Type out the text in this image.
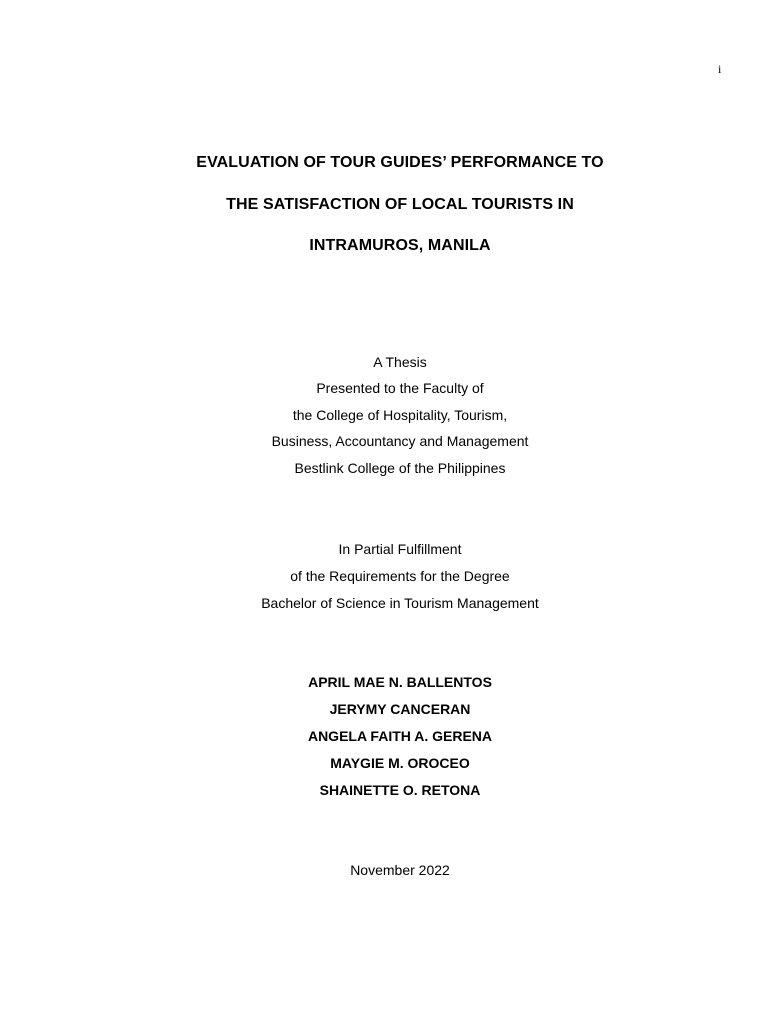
i
EVALUATION OF TOUR GUIDES’ PERFORMANCE TO
THE SATISFACTION OF LOCAL TOURISTS IN
INTRAMUROS, MANILA
A Thesis
Presented to the Faculty of
the College of Hospitality, Tourism,
Business, Accountancy and Management
Bestlink College of the Philippines
In Partial Fulfillment
of the Requirements for the Degree
Bachelor of Science in Tourism Management
APRIL MAE N. BALLENTOS
JERYMY CANCERAN
ANGELA FAITH A. GERENA
MAYGIE M. OROCEO
SHAINETTE O. RETONA
November 2022
